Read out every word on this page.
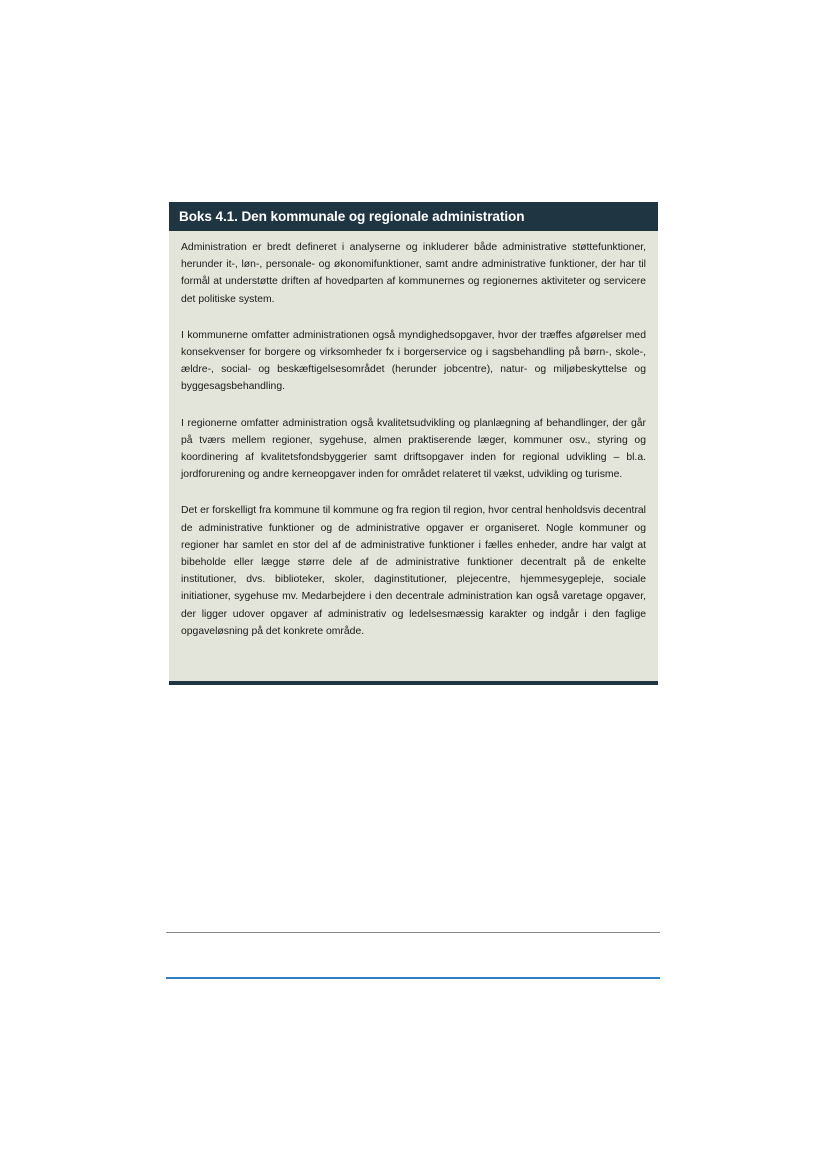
Boks 4.1. Den kommunale og regionale administration

Administration er bredt defineret i analyserne og inkluderer både administrative støttefunktioner, herunder it-, løn-, personale- og økonomifunktioner, samt andre administrative funktioner, der har til formål at understøtte driften af hovedparten af kommunernes og regionernes aktiviteter og servicere det politiske system.

I kommunerne omfatter administrationen også myndighedsopgaver, hvor der træffes afgørelser med konsekvenser for borgere og virksomheder fx i borgerservice og i sagsbehandling på børn-, skole-, ældre-, social- og beskæftigelsesområdet (herunder jobcentre), natur- og miljøbeskyttelse og byggesagsbehandling.

I regionerne omfatter administration også kvalitetsudvikling og planlægning af behandlinger, der går på tværs mellem regioner, sygehuse, almen praktiserende læger, kommuner osv., styring og koordinering af kvalitetsfondsbyggerier samt driftsopgaver inden for regional udvikling – bl.a. jordforurening og andre kerneopgaver inden for området relateret til vækst, udvikling og turisme.

Det er forskelligt fra kommune til kommune og fra region til region, hvor central henholdsvis decentral de administrative funktioner og de administrative opgaver er organiseret. Nogle kommuner og regioner har samlet en stor del af de administrative funktioner i fælles enheder, andre har valgt at bibeholde eller lægge større dele af de administrative funktioner decentralt på de enkelte institutioner, dvs. biblioteker, skoler, daginstitutioner, plejecentre, hjemmesygepleje, sociale initiationer, sygehuse mv. Medarbejdere i den decentrale administration kan også varetage opgaver, der ligger udover opgaver af administrativ og ledelsesmæssig karakter og indgår i den faglige opgaveløsning på det konkrete område.
